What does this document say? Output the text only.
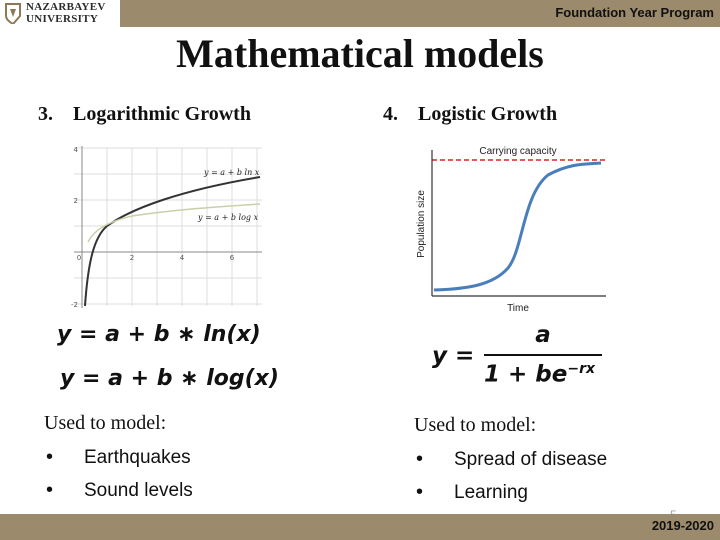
NAZARBAYEV
UNIVERSITY	Foundation Year Program
Mathematical models
3. Logarithmic Growth	4. Logistic Growth
4
2
-2
0	2	4	6
y = a + b ln x
y = a + b log x
y = a + b ∗ ln(x)
y = a + b ∗ log(x)
Used to model:
• Earthquakes
• Sound levels
Carrying capacity
Population size
Time
y =
a
$1 + be^{-rx}$
Used to model:
• Spread of disease
• Learning
2019-2020
